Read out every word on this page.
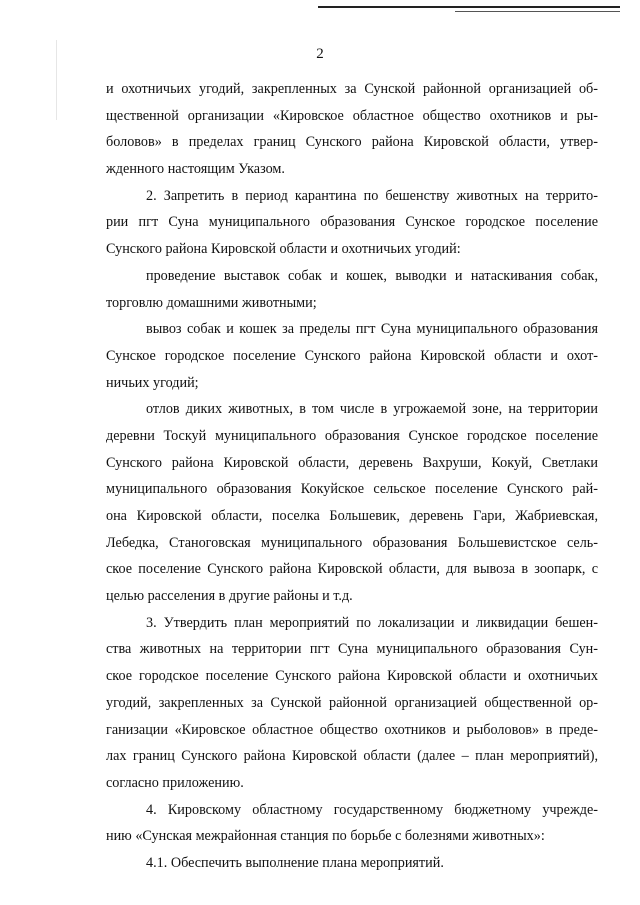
2
и охотничьих угодий, закрепленных за Сунской районной организацией об-
щественной организации «Кировское областное общество охотников и ры-
боловов» в пределах границ Сунского района Кировской области, утвер-
жденного настоящим Указом.
2. Запретить в период карантина по бешенству животных на террито-
рии пгт Суна муниципального образования Сунское городское поселение
Сунского района Кировской области и охотничьих угодий:
проведение выставок собак и кошек, выводки и натаскивания собак,
торговлю домашними животными;
вывоз собак и кошек за пределы пгт Суна муниципального образования
Сунское городское поселение Сунского района Кировской области и охот-
ничьих угодий;
отлов диких животных, в том числе в угрожаемой зоне, на территории
деревни Тоскуй муниципального образования Сунское городское поселение
Сунского района Кировской области, деревень Вахруши, Кокуй, Светлаки
муниципального образования Кокуйское сельское поселение Сунского рай-
она Кировской области, поселка Большевик, деревень Гари, Жабриевская,
Лебедка, Станоговская муниципального образования Большевистское сель-
ское поселение Сунского района Кировской области, для вывоза в зоопарк, с
целью расселения в другие районы и т.д.
3. Утвердить план мероприятий по локализации и ликвидации бешен-
ства животных на территории пгт Суна муниципального образования Сун-
ское городское поселение Сунского района Кировской области и охотничьих
угодий, закрепленных за Сунской районной организацией общественной ор-
ганизации «Кировское областное общество охотников и рыболовов» в преде-
лах границ Сунского района Кировской области (далее – план мероприятий),
согласно приложению.
4. Кировскому областному государственному бюджетному учрежде-
нию «Сунская межрайонная станция по борьбе с болезнями животных»:
4.1. Обеспечить выполнение плана мероприятий.
